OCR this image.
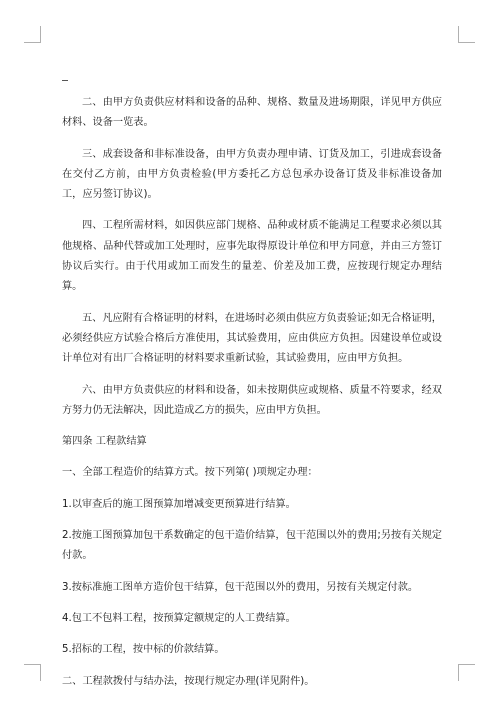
二、由甲方负责供应材料和设备的品种、规格、数量及进场期限，详见甲方供应材料、设备一览表。

三、成套设备和非标准设备，由甲方负责办理申请、订货及加工，引进成套设备在交付乙方前，由甲方负责检验(甲方委托乙方总包承办设备订货及非标准设备加工，应另签订协议)。

四、工程所需材料，如因供应部门规格、品种或材质不能满足工程要求必须以其他规格、品种代替或加工处理时，应事先取得原设计单位和甲方同意，并由三方签订协议后实行。由于代用或加工而发生的量差、价差及加工费，应按现行规定办理结算。

五、凡应附有合格证明的材料，在进场时必须由供应方负责验证;如无合格证明，必须经供应方试验合格后方准使用，其试验费用，应由供应方负担。因建设单位或设计单位对有出厂合格证明的材料要求重新试验，其试验费用，应由甲方负担。

六、由甲方负责供应的材料和设备，如未按期供应或规格、质量不符要求，经双方努力仍无法解决，因此造成乙方的损失，应由甲方负担。

第四条 工程款结算

一、全部工程造价的结算方式。按下列第( )项规定办理：

1.以审查后的施工图预算加增减变更预算进行结算。

2.按施工图预算加包干系数确定的包干造价结算，包干范围以外的费用;另按有关规定付款。

3.按标准施工图单方造价包干结算，包干范围以外的费用，另按有关规定付款。

4.包工不包料工程，按预算定额规定的人工费结算。

5.招标的工程，按中标的价款结算。

二、工程款拨付与结办法，按现行规定办理(详见附件)。
